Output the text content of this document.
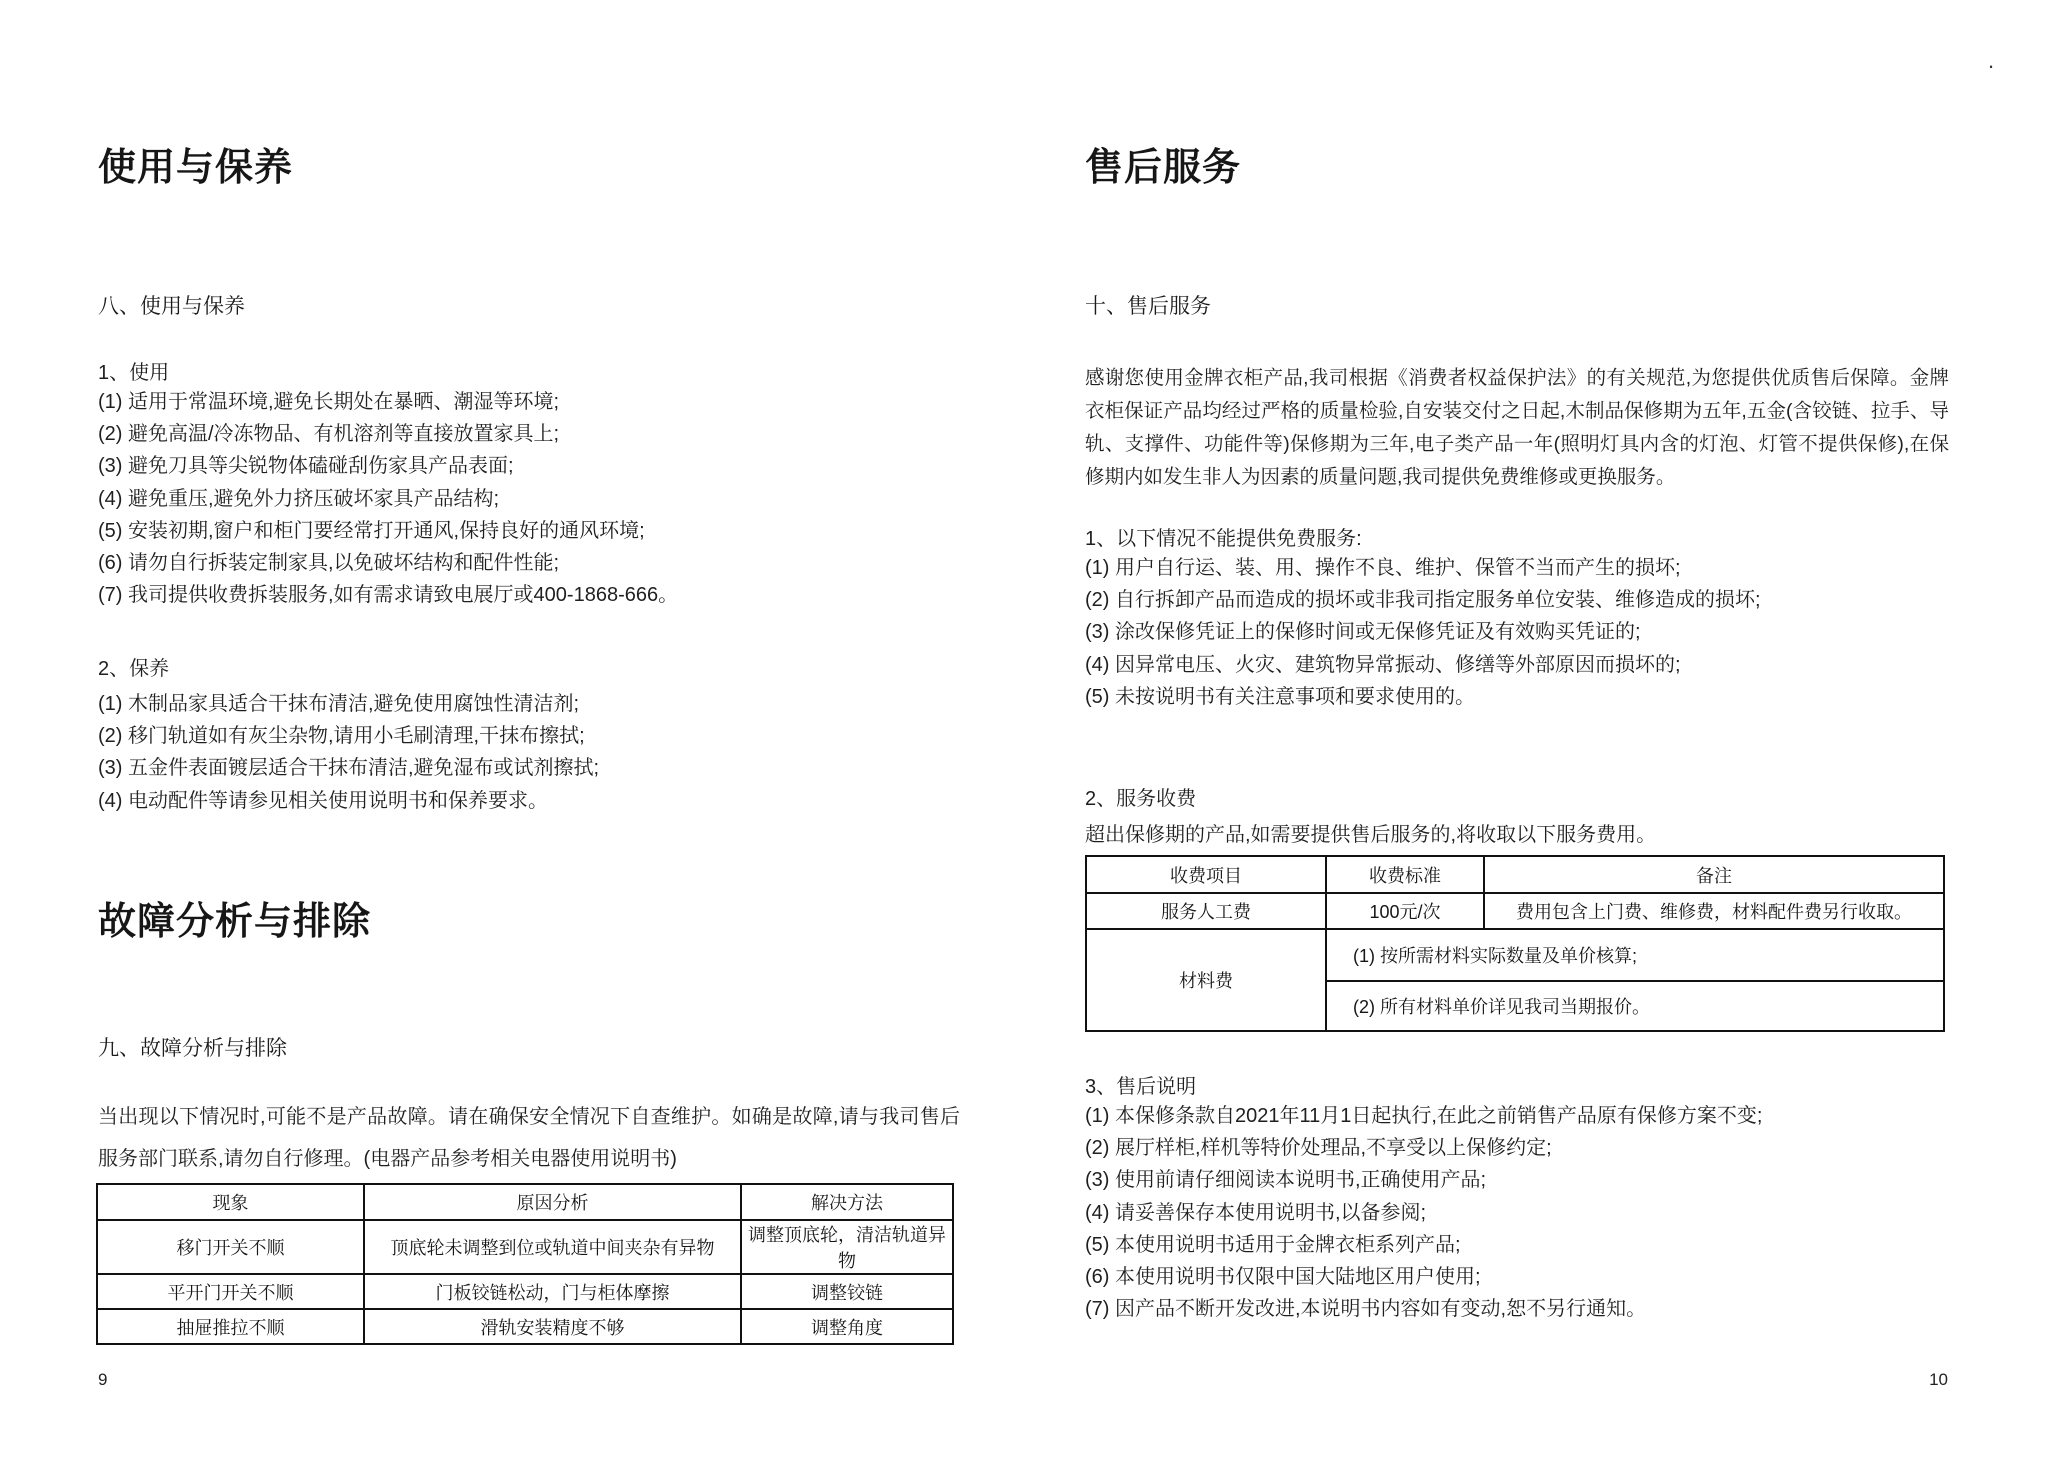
使用与保养
八、使用与保养
1、使用
(1) 适用于常温环境,避免长期处在暴晒、潮湿等环境;
(2) 避免高温/冷冻物品、有机溶剂等直接放置家具上;
(3) 避免刀具等尖锐物体磕碰刮伤家具产品表面;
(4) 避免重压,避免外力挤压破坏家具产品结构;
(5) 安装初期,窗户和柜门要经常打开通风,保持良好的通风环境;
(6) 请勿自行拆装定制家具,以免破坏结构和配件性能;
(7) 我司提供收费拆装服务,如有需求请致电展厅或400-1868-666。
2、保养
(1) 木制品家具适合干抹布清洁,避免使用腐蚀性清洁剂;
(2) 移门轨道如有灰尘杂物,请用小毛刷清理,干抹布擦拭;
(3) 五金件表面镀层适合干抹布清洁,避免湿布或试剂擦拭;
(4) 电动配件等请参见相关使用说明书和保养要求。
故障分析与排除
九、故障分析与排除
当出现以下情况时,可能不是产品故障。请在确保安全情况下自查维护。如确是故障,请与我司售后服务部门联系,请勿自行修理。(电器产品参考相关电器使用说明书)
现象	原因分析	解决方法
移门开关不顺	顶底轮未调整到位或轨道中间夹杂有异物	调整顶底轮，清洁轨道异物
平开门开关不顺	门板铰链松动，门与柜体摩擦	调整铰链
抽屉推拉不顺	滑轨安装精度不够	调整角度
9
售后服务
.
十、售后服务
感谢您使用金牌衣柜产品,我司根据《消费者权益保护法》的有关规范,为您提供优质售后保障。金牌衣柜保证产品均经过严格的质量检验,自安装交付之日起,木制品保修期为五年,五金(含铰链、拉手、导轨、支撑件、功能件等)保修期为三年,电子类产品一年(照明灯具内含的灯泡、灯管不提供保修),在保修期内如发生非人为因素的质量问题,我司提供免费维修或更换服务。
1、以下情况不能提供免费服务:
(1) 用户自行运、装、用、操作不良、维护、保管不当而产生的损坏;
(2) 自行拆卸产品而造成的损坏或非我司指定服务单位安装、维修造成的损坏;
(3) 涂改保修凭证上的保修时间或无保修凭证及有效购买凭证的;
(4) 因异常电压、火灾、建筑物异常振动、修缮等外部原因而损坏的;
(5) 未按说明书有关注意事项和要求使用的。
2、服务收费
超出保修期的产品,如需要提供售后服务的,将收取以下服务费用。
收费项目	收费标准	备注
服务人工费	100元/次	费用包含上门费、维修费，材料配件费另行收取。
材料费	(1) 按所需材料实际数量及单价核算;	
	(2) 所有材料单价详见我司当期报价。	
3、售后说明
(1) 本保修条款自2021年11月1日起执行,在此之前销售产品原有保修方案不变;
(2) 展厅样柜,样机等特价处理品,不享受以上保修约定;
(3) 使用前请仔细阅读本说明书,正确使用产品;
(4) 请妥善保存本使用说明书,以备参阅;
(5) 本使用说明书适用于金牌衣柜系列产品;
(6) 本使用说明书仅限中国大陆地区用户使用;
(7) 因产品不断开发改进,本说明书内容如有变动,恕不另行通知。
10
